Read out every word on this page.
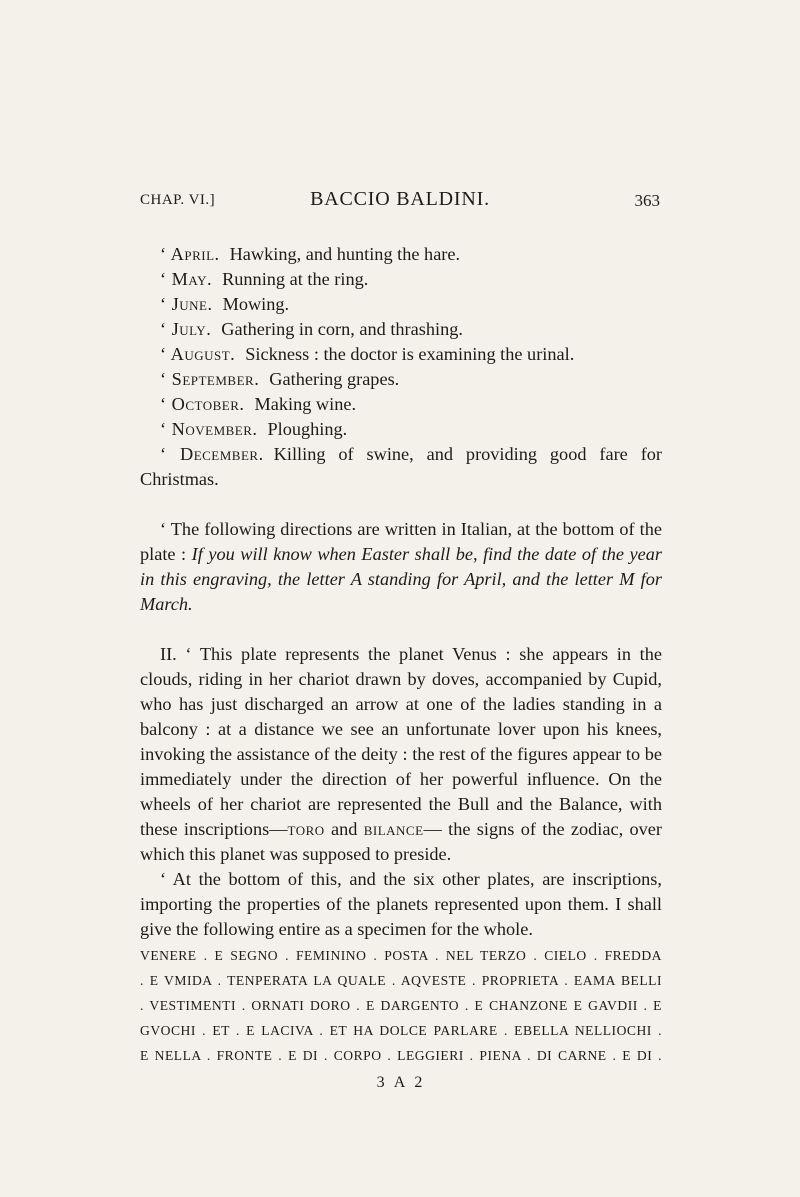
CHAP. VI.]	BACCIO BALDINI.	363

‘ April. Hawking, and hunting the hare.

‘ May. Running at the ring.

‘ June. Mowing.

‘ July. Gathering in corn, and thrashing.

‘ August. Sickness : the doctor is examining the urinal.

‘ September. Gathering grapes.

‘ October. Making wine.

‘ November. Ploughing.

‘ December. Killing of swine, and providing good fare for Christmas.

‘ The following directions are written in Italian, at the bottom of the plate : If you will know when Easter shall be, find the date of the year in this engraving, the letter A standing for April, and the letter M for March.

II. ‘ This plate represents the planet Venus : she appears in the clouds, riding in her chariot drawn by doves, accompanied by Cupid, who has just discharged an arrow at one of the ladies standing in a balcony : at a distance we see an unfortunate lover upon his knees, invoking the assistance of the deity : the rest of the figures appear to be immediately under the direction of her powerful influence. On the wheels of her chariot are represented the Bull and the Balance, with these inscriptions—toro and bilance— the signs of the zodiac, over which this planet was supposed to preside.

‘ At the bottom of this, and the six other plates, are inscriptions, importing the properties of the planets represented upon them. I shall give the following entire as a specimen for the whole.

VENERE . E SEGNO . FEMININO . POSTA . NEL TERZO . CIELO . FREDDA
. E VMIDA . TENPERATA LA QUALE . AQVESTE . PROPRIETA . EAMA BELLI
. VESTIMENTI . ORNATI DORO . E DARGENTO . E CHANZONE E GAVDII . E
GVOCHI . ET . E LACIVA . ET HA DOLCE PARLARE . EBELLA NELLIOCHI .
E NELLA . FRONTE . E DI . CORPO . LEGGIERI . PIENA . DI CARNE . E DI .
3 A 2
